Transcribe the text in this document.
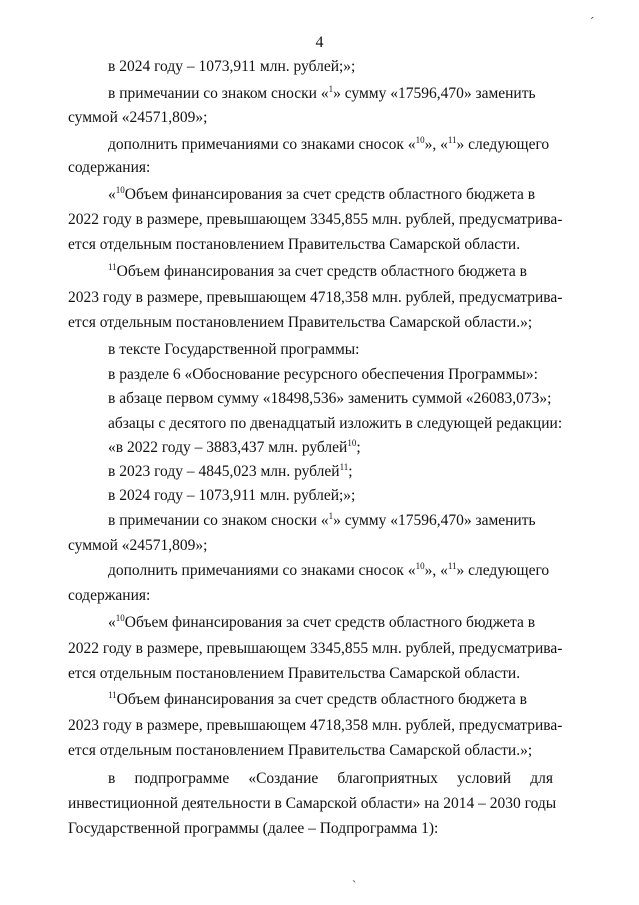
ˊ
4
в 2024 году – 1073,911 млн. рублей;»;
в примечании со знаком сноски «$^1$» сумму «17596,470» заменить
суммой «24571,809»;
дополнить примечаниями со знаками сносок «$^{10}$», «$^{11}$» следующего
содержания:
«$^{10}$Объем финансирования за счет средств областного бюджета в
2022 году в размере, превышающем 3345,855 млн. рублей, предусматрива-
ется отдельным постановлением Правительства Самарской области.
$^{11}$Объем финансирования за счет средств областного бюджета в
2023 году в размере, превышающем 4718,358 млн. рублей, предусматрива-
ется отдельным постановлением Правительства Самарской области.»;
в тексте Государственной программы:
в разделе 6 «Обоснование ресурсного обеспечения Программы»:
в абзаце первом сумму «18498,536» заменить суммой «26083,073»;
абзацы с десятого по двенадцатый изложить в следующей редакции:
«в 2022 году – 3883,437 млн. рублей$^{10}$;
в 2023 году – 4845,023 млн. рублей$^{11}$;
в 2024 году – 1073,911 млн. рублей;»;
в примечании со знаком сноски «$^1$» сумму «17596,470» заменить
суммой «24571,809»;
дополнить примечаниями со знаками сносок «$^{10}$», «$^{11}$» следующего
содержания:
«$^{10}$Объем финансирования за счет средств областного бюджета в
2022 году в размере, превышающем 3345,855 млн. рублей, предусматрива-
ется отдельным постановлением Правительства Самарской области.
$^{11}$Объем финансирования за счет средств областного бюджета в
2023 году в размере, превышающем 4718,358 млн. рублей, предусматрива-
ется отдельным постановлением Правительства Самарской области.»;
в подпрограмме «Создание благоприятных условий для
инвестиционной деятельности в Самарской области» на 2014 – 2030 годы
Государственной программы (далее – Подпрограмма 1):
ˏ
